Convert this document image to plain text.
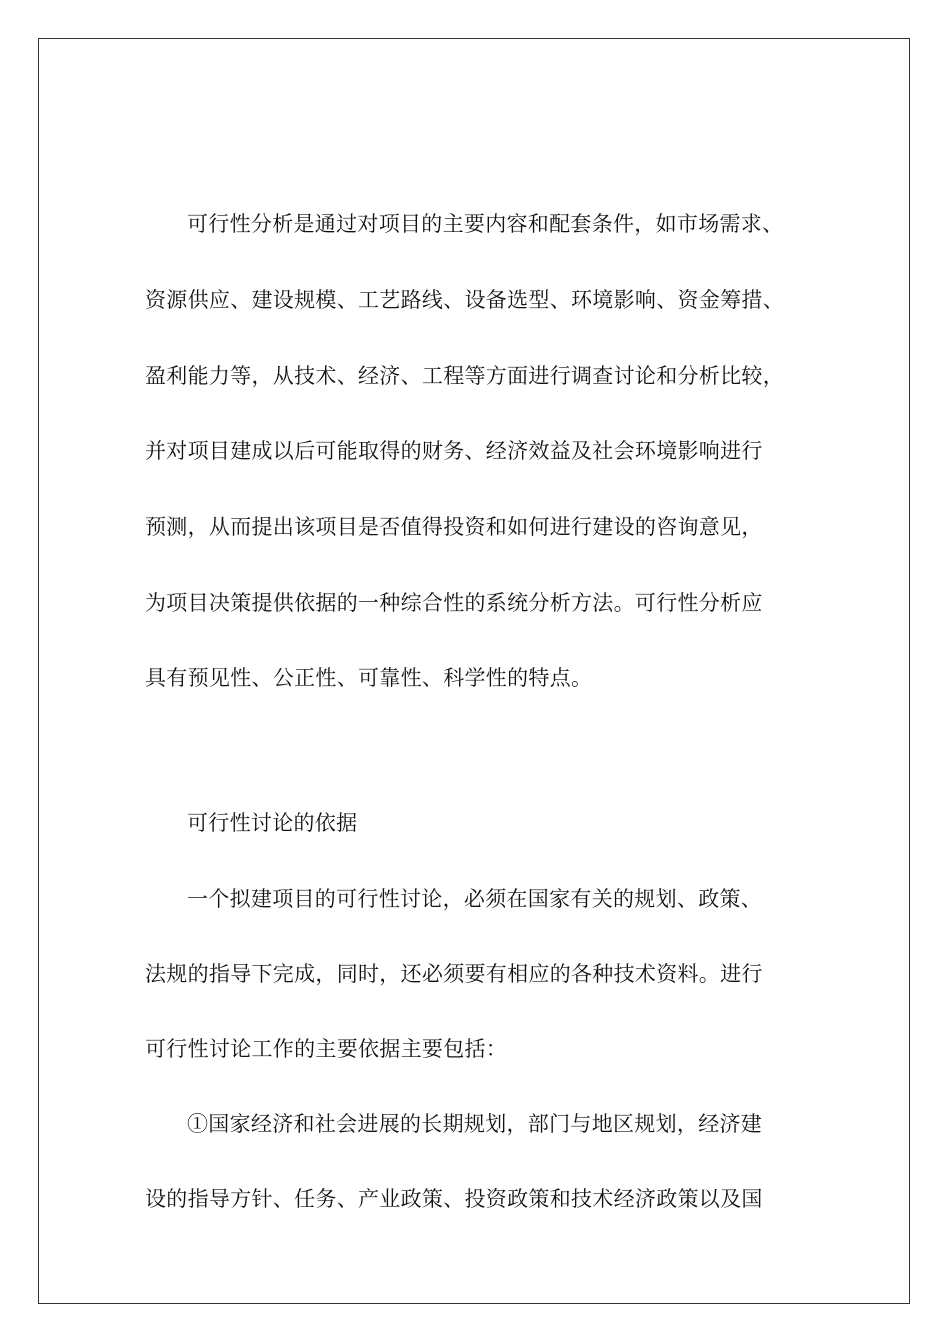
可行性分析是通过对项目的主要内容和配套条件，如市场需求、
资源供应、建设规模、工艺路线、设备选型、环境影响、资金筹措、
盈利能力等，从技术、经济、工程等方面进行调查讨论和分析比较，
并对项目建成以后可能取得的财务、经济效益及社会环境影响进行
预测，从而提出该项目是否值得投资和如何进行建设的咨询意见，
为项目决策提供依据的一种综合性的系统分析方法。可行性分析应
具有预见性、公正性、可靠性、科学性的特点。
可行性讨论的依据
一个拟建项目的可行性讨论，必须在国家有关的规划、政策、
法规的指导下完成，同时，还必须要有相应的各种技术资料。进行
可行性讨论工作的主要依据主要包括：
①国家经济和社会进展的长期规划，部门与地区规划，经济建
设的指导方针、任务、产业政策、投资政策和技术经济政策以及国
